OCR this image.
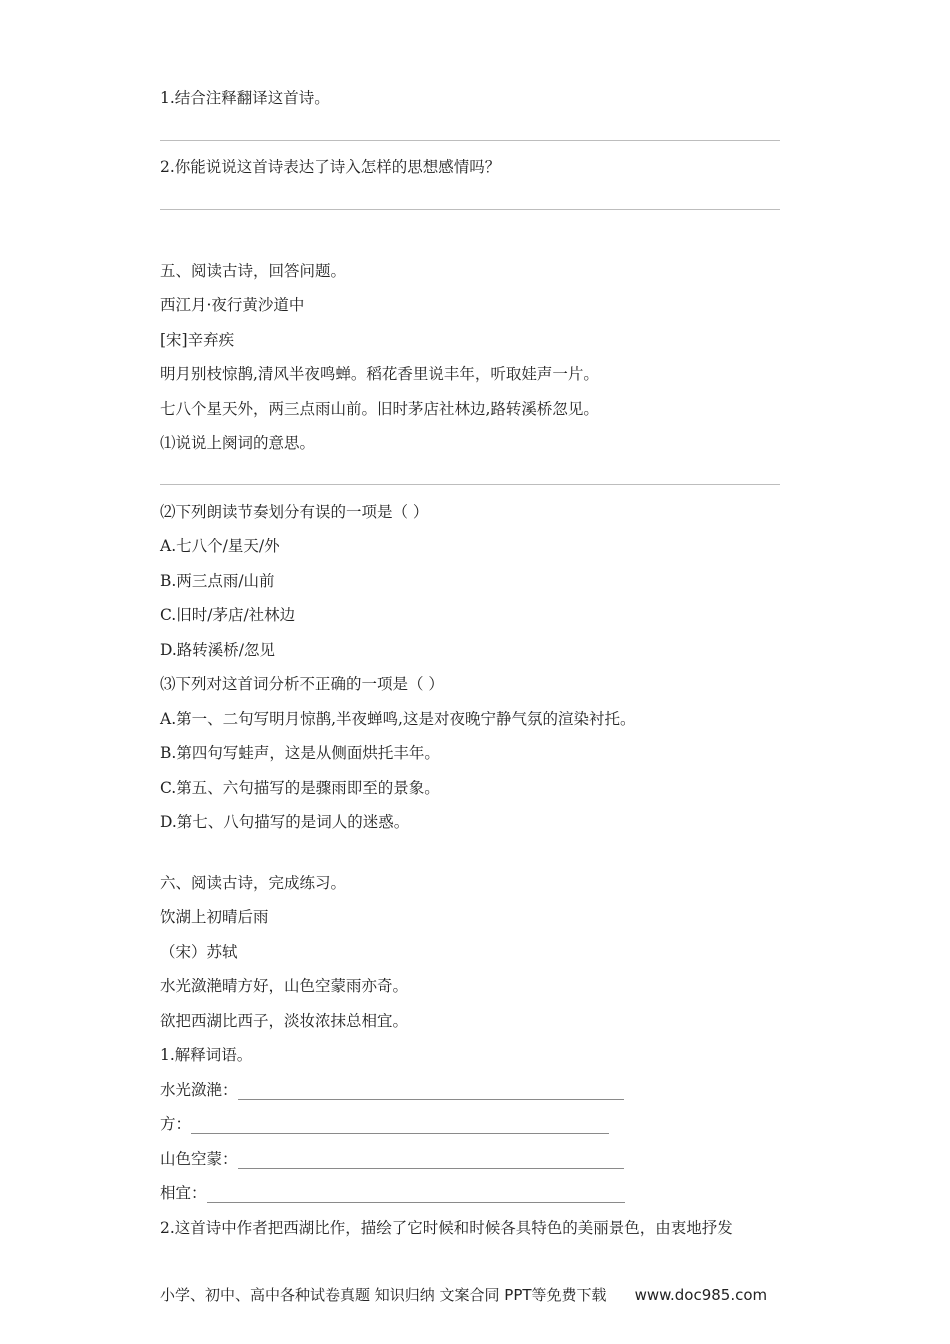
1.结合注释翻译这首诗。
2.你能说说这首诗表达了诗入怎样的思想感情吗？
五、阅读古诗，回答问题。
西江月·夜行黄沙道中
[宋]辛弃疾
明月别枝惊鹊,清风半夜鸣蝉。稻花香里说丰年，听取娃声一片。
七八个星天外，两三点雨山前。旧时茅店社林边,路转溪桥忽见。
⑴说说上阕词的意思。
⑵下列朗读节奏划分有误的一项是（ ）
A.七八个/星天/外
B.两三点雨/山前
C.旧时/茅店/社林边
D.路转溪桥/忽见
⑶下列对这首词分析不正确的一项是（ ）
A.第一、二句写明月惊鹊,半夜蝉鸣,这是对夜晚宁静气氛的渲染衬托。
B.第四句写蛙声，这是从侧面烘托丰年。
C.第五、六句描写的是骤雨即至的景象。
D.第七、八句描写的是词人的迷惑。
六、阅读古诗，完成练习。
饮湖上初晴后雨
（宋）苏轼
水光潋滟晴方好，山色空蒙雨亦奇。
欲把西湖比西子，淡妆浓抹总相宜。
1.解释词语。
水光潋滟：
方：
山色空蒙：
相宜：
2.这首诗中作者把西湖比作，描绘了它时候和时候各具特色的美丽景色，由衷地抒发
小学、初中、高中各种试卷真题 知识归纳 文案合同 PPT等免费下载 www.doc985.com
